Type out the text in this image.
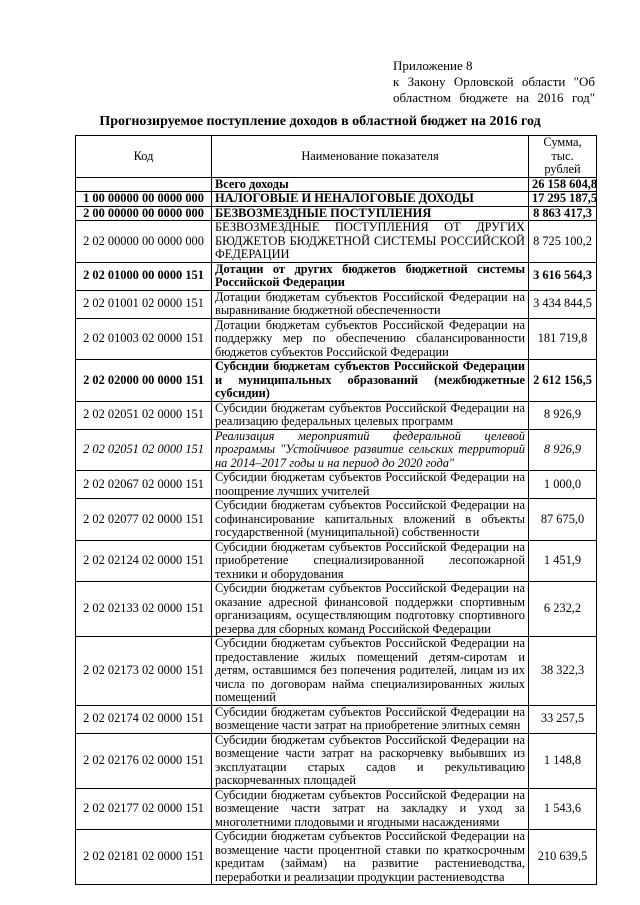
Приложение 8
к Закону Орловской области "Об
областном бюджете на 2016 год"
Прогнозируемое поступление доходов в областной бюджет на 2016 год
Код	Наименование показателя	Сумма,
тыс. рублей

	Всего доходы	26 158 604,8
1 00 00000 00 0000 000	НАЛОГОВЫЕ И НЕНАЛОГОВЫЕ ДОХОДЫ	17 295 187,5
2 00 00000 00 0000 000	БЕЗВОЗМЕЗДНЫЕ ПОСТУПЛЕНИЯ	8 863 417,3
2 02 00000 00 0000 000	БЕЗВОЗМЕЗДНЫЕ ПОСТУПЛЕНИЯ ОТ ДРУГИХ БЮДЖЕТОВ БЮДЖЕТНОЙ СИСТЕМЫ РОССИЙСКОЙ ФЕДЕРАЦИИ	8 725 100,2
2 02 01000 00 0000 151	Дотации от других бюджетов бюджетной системы Российской Федерации	3 616 564,3
2 02 01001 02 0000 151	Дотации бюджетам субъектов Российской Федерации на выравнивание бюджетной обеспеченности	3 434 844,5
2 02 01003 02 0000 151	Дотации бюджетам субъектов Российской Федерации на поддержку мер по обеспечению сбалансированности бюджетов субъектов Российской Федерации	181 719,8
2 02 02000 00 0000 151	Субсидии бюджетам субъектов Российской Федерации и муниципальных образований (межбюджетные субсидии)	2 612 156,5
2 02 02051 02 0000 151	Субсидии бюджетам субъектов Российской Федерации на реализацию федеральных целевых программ	8 926,9
2 02 02051 02 0000 151	Реализация мероприятий федеральной целевой программы "Устойчивое развитие сельских территорий на 2014–2017 годы и на период до 2020 года"	8 926,9
2 02 02067 02 0000 151	Субсидии бюджетам субъектов Российской Федерации на поощрение лучших учителей	1 000,0
2 02 02077 02 0000 151	Субсидии бюджетам субъектов Российской Федерации на софинансирование капитальных вложений в объекты государственной (муниципальной) собственности	87 675,0
2 02 02124 02 0000 151	Субсидии бюджетам субъектов Российской Федерации на приобретение специализированной лесопожарной техники и оборудования	1 451,9
2 02 02133 02 0000 151	Субсидии бюджетам субъектов Российской Федерации на оказание адресной финансовой поддержки спортивным организациям, осуществляющим подготовку спортивного резерва для сборных команд Российской Федерации	6 232,2
2 02 02173 02 0000 151	Субсидии бюджетам субъектов Российской Федерации на предоставление жилых помещений детям-сиротам и детям, оставшимся без попечения родителей, лицам из их числа по договорам найма специализированных жилых помещений	38 322,3
2 02 02174 02 0000 151	Субсидии бюджетам субъектов Российской Федерации на возмещение части затрат на приобретение элитных семян	33 257,5
2 02 02176 02 0000 151	Субсидии бюджетам субъектов Российской Федерации на возмещение части затрат на раскорчевку выбывших из эксплуатации старых садов и рекультивацию раскорчеванных площадей	1 148,8
2 02 02177 02 0000 151	Субсидии бюджетам субъектов Российской Федерации на возмещение части затрат на закладку и уход за многолетними плодовыми и ягодными насаждениями	1 543,6
2 02 02181 02 0000 151	Субсидии бюджетам субъектов Российской Федерации на возмещение части процентной ставки по краткосрочным кредитам (займам) на развитие растениеводства, переработки и реализации продукции растениеводства	210 639,5
